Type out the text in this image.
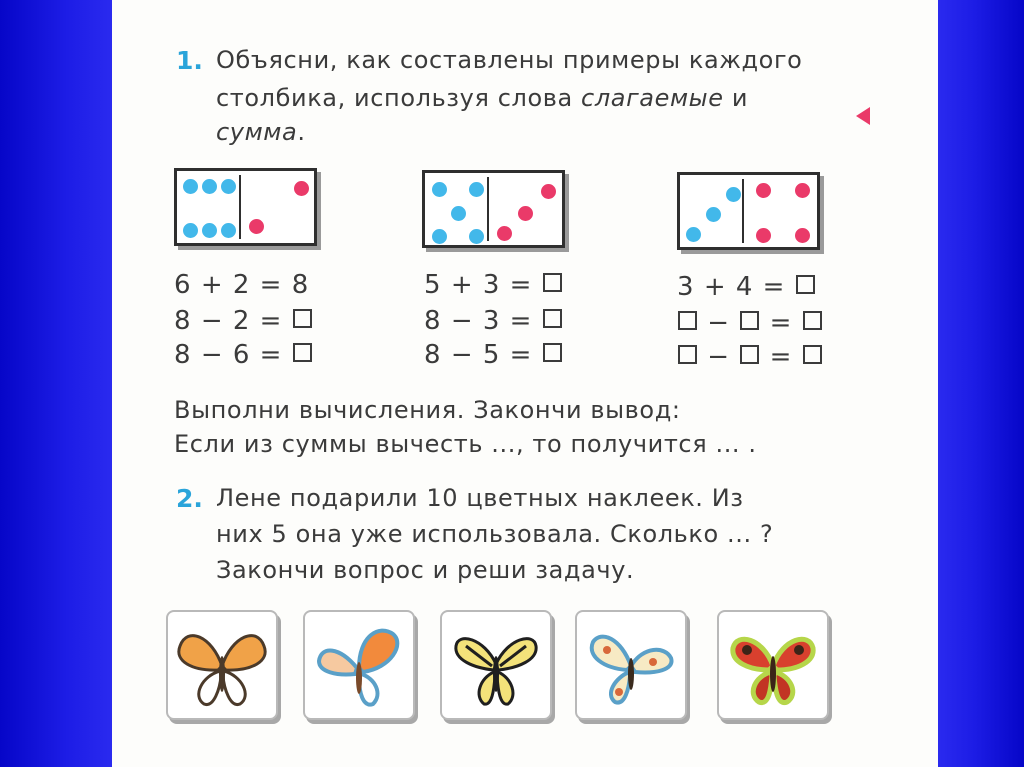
1. Объясни, как составлены примеры каждого
столбика, используя слова слагаемые и
сумма.
6 + 2 = 8
8 − 2 =
8 − 6 =
5 + 3 =
8 − 3 =
8 − 5 =
3 + 4 =
−  =
−  =
Выполни вычисления. Закончи вывод:
Если из суммы вычесть ..., то получится ... .
2. Лене подарили 10 цветных наклеек. Из
них 5 она уже использовала. Сколько ... ?
Закончи вопрос и реши задачу.
